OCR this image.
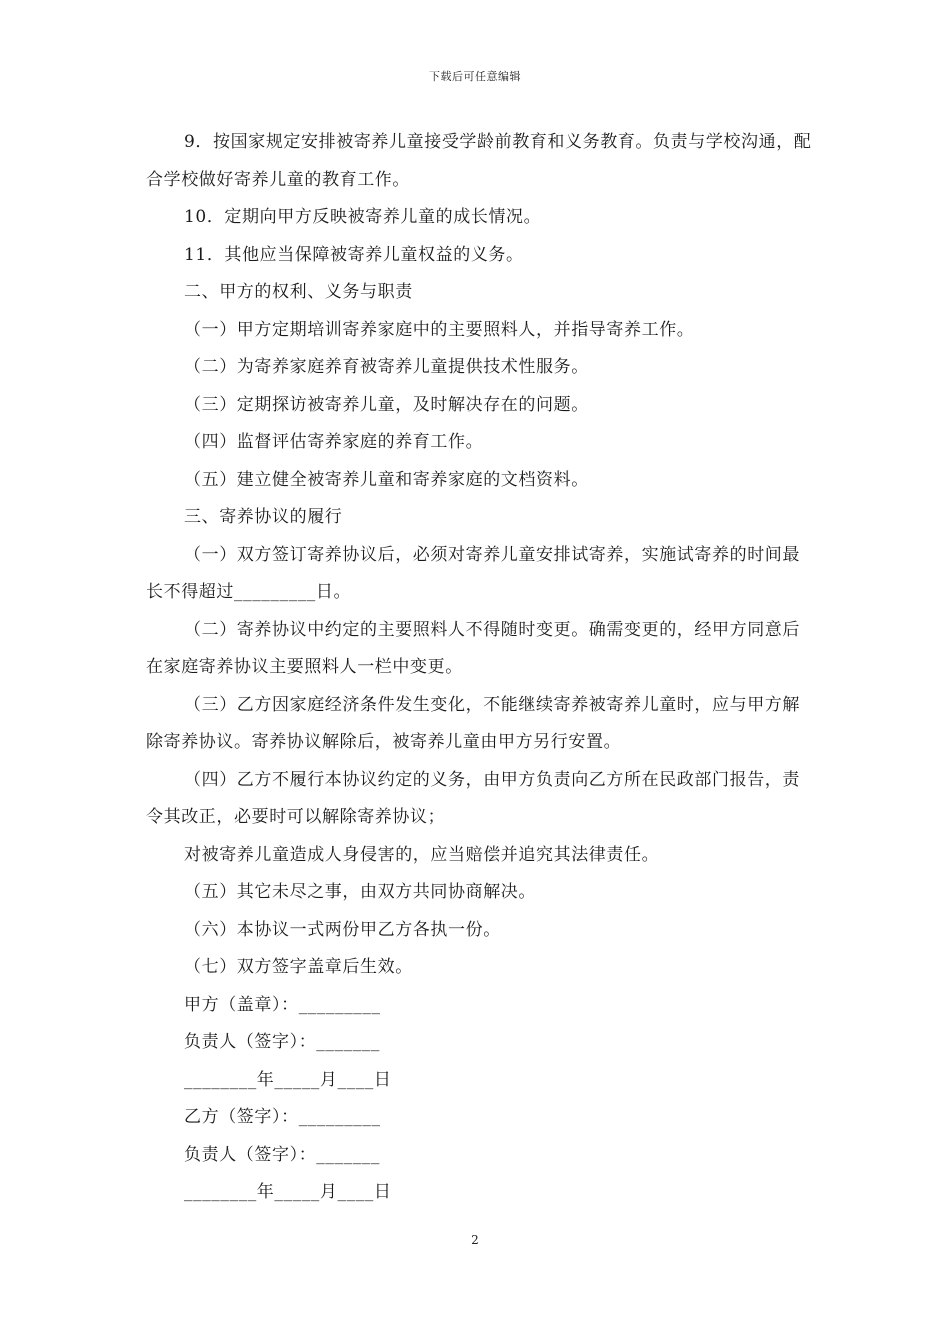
下载后可任意编辑

9．按国家规定安排被寄养儿童接受学龄前教育和义务教育。负责与学校沟通，配合学校做好寄养儿童的教育工作。

10．定期向甲方反映被寄养儿童的成长情况。

11．其他应当保障被寄养儿童权益的义务。

二、甲方的权利、义务与职责

（一）甲方定期培训寄养家庭中的主要照料人，并指导寄养工作。

（二）为寄养家庭养育被寄养儿童提供技术性服务。

（三）定期探访被寄养儿童，及时解决存在的问题。

（四）监督评估寄养家庭的养育工作。

（五）建立健全被寄养儿童和寄养家庭的文档资料。

三、寄养协议的履行

（一）双方签订寄养协议后，必须对寄养儿童安排试寄养，实施试寄养的时间最长不得超过_________日。

（二）寄养协议中约定的主要照料人不得随时变更。确需变更的，经甲方同意后在家庭寄养协议主要照料人一栏中变更。

（三）乙方因家庭经济条件发生变化，不能继续寄养被寄养儿童时，应与甲方解除寄养协议。寄养协议解除后，被寄养儿童由甲方另行安置。

（四）乙方不履行本协议约定的义务，由甲方负责向乙方所在民政部门报告，责令其改正，必要时可以解除寄养协议；

对被寄养儿童造成人身侵害的，应当赔偿并追究其法律责任。

（五）其它未尽之事，由双方共同协商解决。

（六）本协议一式两份甲乙方各执一份。

（七）双方签字盖章后生效。

甲方（盖章）：_________

负责人（签字）：_______

________年_____月____日

乙方（签字）：_________

负责人（签字）：_______

________年_____月____日

2
